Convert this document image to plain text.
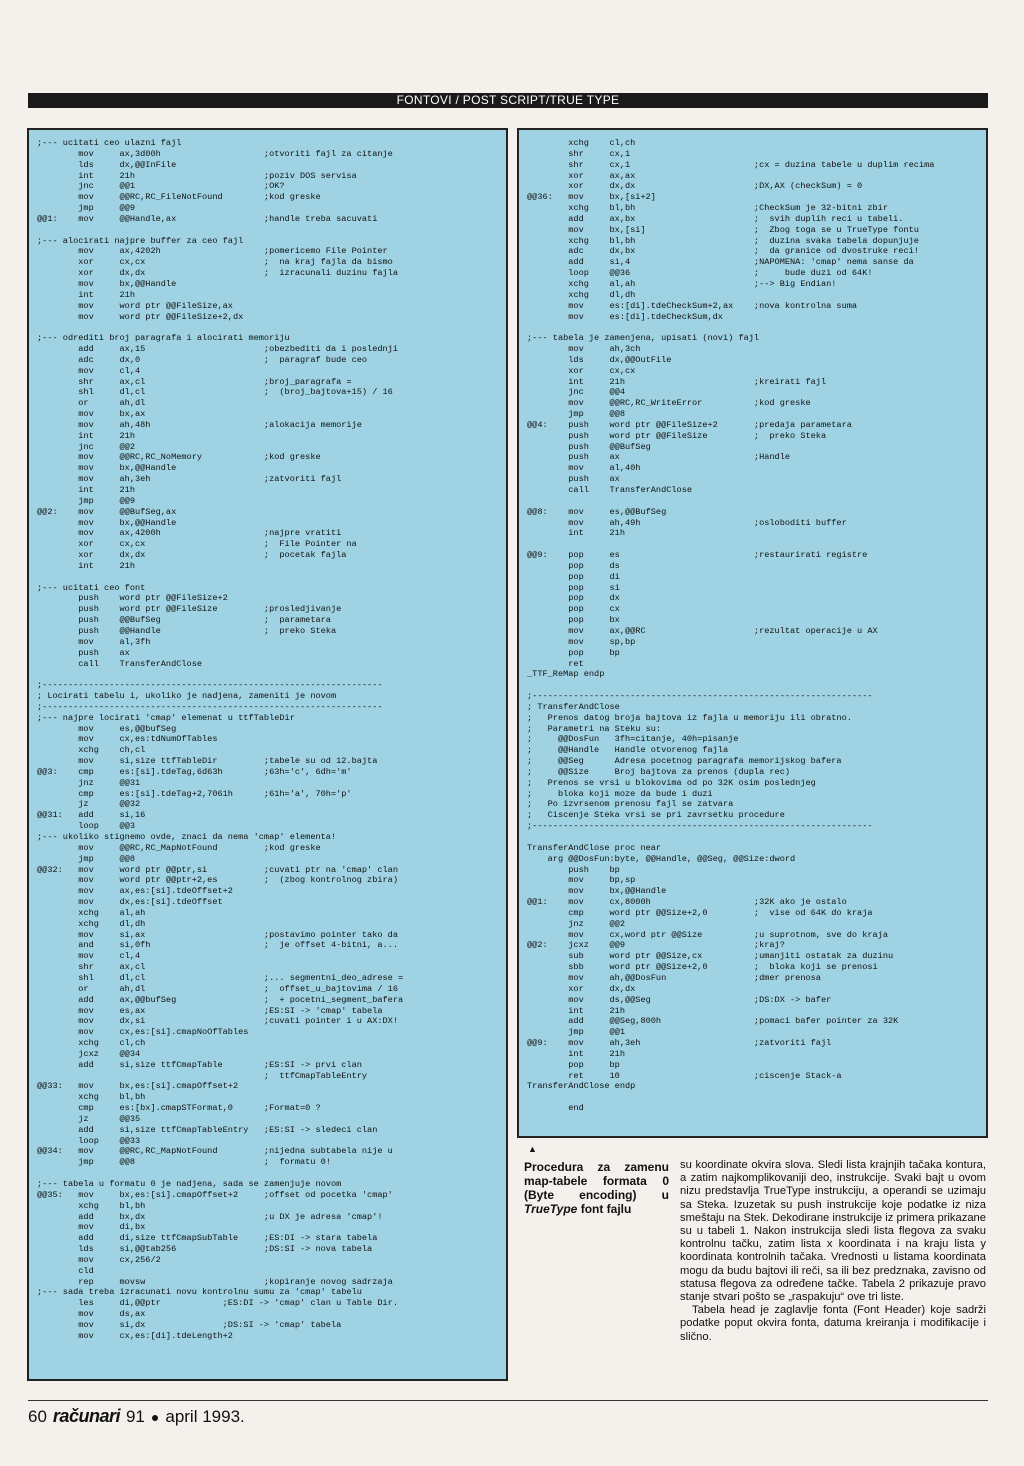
FONTOVI / POST SCRIPT/TRUE TYPE
;--- ucitati ceo ulazni fajl
mov     ax,3d00h                    ;otvoriti fajl za citanje
lds     dx,@@InFile
int     21h                         ;poziv DOS servisa
jnc     @@1                         ;OK?
mov     @@RC,RC_FileNotFound        ;kod greske
jmp     @@9
@@1:    mov     @@Handle,ax                 ;handle treba sacuvati

;--- alocirati najpre buffer za ceo fajl
mov     ax,4202h                    ;pomericemo File Pointer
xor     cx,cx                       ;  na kraj fajla da bismo
xor     dx,dx                       ;  izracunali duzinu fajla
mov     bx,@@Handle
int     21h
mov     word ptr @@FileSize,ax
mov     word ptr @@FileSize+2,dx

;--- odrediti broj paragrafa i alocirati memoriju
add     ax,15                       ;obezbediti da i poslednji
adc     dx,0                        ;  paragraf bude ceo
mov     cl,4
shr     ax,cl                       ;broj_paragrafa =
shl     dl,cl                       ;  (broj_bajtova+15) / 16
or      ah,dl
mov     bx,ax
mov     ah,48h                      ;alokacija memorije
int     21h
jnc     @@2
mov     @@RC,RC_NoMemory            ;kod greske
mov     bx,@@Handle
mov     ah,3eh                      ;zatvoriti fajl
int     21h
jmp     @@9
@@2:    mov     @@BufSeg,ax
mov     bx,@@Handle
mov     ax,4200h                    ;najpre vratiti
xor     cx,cx                       ;  File Pointer na
xor     dx,dx                       ;  pocetak fajla
int     21h

;--- ucitati ceo font
push    word ptr @@FileSize+2
push    word ptr @@FileSize         ;prosledjivanje
push    @@BufSeg                    ;  parametara
push    @@Handle                    ;  preko Steka
mov     al,3fh
push    ax
call    TransferAndClose

;------------------------------------------------------------------
; Locirati tabelu i, ukoliko je nadjena, zameniti je novom
;------------------------------------------------------------------
;--- najpre locirati 'cmap' elemenat u ttfTableDir
mov     es,@@bufSeg
mov     cx,es:tdNumOfTables
xchg    ch,cl
mov     si,size ttfTableDir         ;tabele su od 12.bajta
@@3:    cmp     es:[si].tdeTag,6d63h        ;63h='c', 6dh='m'
jnz     @@31
cmp     es:[si].tdeTag+2,7061h      ;61h='a', 70h='p'
jz      @@32
@@31:   add     si,16
loop    @@3
;--- ukoliko stignemo ovde, znaci da nema 'cmap' elementa!
mov     @@RC,RC_MapNotFound         ;kod greske
jmp     @@8
@@32:   mov     word ptr @@ptr,si           ;cuvati ptr na 'cmap' clan
mov     word ptr @@ptr+2,es         ;  (zbog kontrolnog zbira)
mov     ax,es:[si].tdeOffset+2
mov     dx,es:[si].tdeOffset
xchg    al,ah
xchg    dl,dh
mov     si,ax                       ;postavimo pointer tako da
and     si,0fh                      ;  je offset 4-bitni, a...
mov     cl,4
shr     ax,cl
shl     dl,cl                       ;... segmentni_deo_adrese =
or      ah,dl                       ;  offset_u_bajtovima / 16
add     ax,@@bufSeg                 ;  + pocetni_segment_bafera
mov     es,ax                       ;ES:SI -> 'cmap' tabela
mov     dx,si                       ;cuvati pointer i u AX:DX!
mov     cx,es:[si].cmapNoOfTables
xchg    cl,ch
jcxz    @@34
add     si,size ttfCmapTable        ;ES:SI -> prvi clan
;  ttfCmapTableEntry
@@33:   mov     bx,es:[si].cmapOffset+2
xchg    bl,bh
cmp     es:[bx].cmapSTFormat,0      ;Format=0 ?
jz      @@35
add     si,size ttfCmapTableEntry   ;ES:SI -> sledeci clan
loop    @@33
@@34:   mov     @@RC,RC_MapNotFound         ;nijedna subtabela nije u
jmp     @@8                         ;  formatu 0!

;--- tabela u formatu 0 je nadjena, sada se zamenjuje novom
@@35:   mov     bx,es:[si].cmapOffset+2     ;offset od pocetka 'cmap'
xchg    bl,bh
add     bx,dx                       ;u DX je adresa 'cmap'!
mov     di,bx
add     di,size ttfCmapSubTable     ;ES:DI -> stara tabela
lds     si,@@tab256                 ;DS:SI -> nova tabela
mov     cx,256/2
cld
rep     movsw                       ;kopiranje novog sadrzaja
;--- sada treba izracunati novu kontrolnu sumu za 'cmap' tabelu
les     di,@@ptr            ;ES:DI -> 'cmap' clan u Table Dir.
mov     ds,ax
mov     si,dx               ;DS:SI -> 'cmap' tabela
mov     cx,es:[di].tdeLength+2
xchg    cl,ch
shr     cx,1
shr     cx,1                        ;cx = duzina tabele u duplim recima
xor     ax,ax
xor     dx,dx                       ;DX,AX (checkSum) = 0
@@36:   mov     bx,[si+2]
xchg    bl,bh                       ;CheckSum je 32-bitni zbir
add     ax,bx                       ;  svih duplih reci u tabeli.
mov     bx,[si]                     ;  Zbog toga se u TrueType fontu
xchg    bl,bh                       ;  duzina svaka tabela dopunjuje
adc     dx,bx                       ;  da granice od dvostruke reci!
add     si,4                        ;NAPOMENA: 'cmap' nema sanse da
loop    @@36                        ;     bude duzi od 64K!
xchg    al,ah                       ;--> Big Endian!
xchg    dl,dh
mov     es:[di].tdeCheckSum+2,ax    ;nova kontrolna suma
mov     es:[di].tdeCheckSum,dx

;--- tabela je zamenjena, upisati (novi) fajl
mov     ah,3ch
lds     dx,@@OutFile
xor     cx,cx
int     21h                         ;kreirati fajl
jnc     @@4
mov     @@RC,RC_WriteError          ;kod greske
jmp     @@8
@@4:    push    word ptr @@FileSize+2       ;predaja parametara
push    word ptr @@FileSize         ;  preko Steka
push    @@BufSeg
push    ax                          ;Handle
mov     al,40h
push    ax
call    TransferAndClose

@@8:    mov     es,@@BufSeg
mov     ah,49h                      ;osloboditi buffer
int     21h

@@9:    pop     es                          ;restaurirati registre
pop     ds
pop     di
pop     si
pop     dx
pop     cx
pop     bx
mov     ax,@@RC                     ;rezultat operacije u AX
mov     sp,bp
pop     bp
ret
_TTF_ReMap endp

;------------------------------------------------------------------
; TransferAndClose
;   Prenos datog broja bajtova iz fajla u memoriju ili obratno.
;   Parametri na Steku su:
;     @@DosFun   3fh=citanje, 40h=pisanje
;     @@Handle   Handle otvorenog fajla
;     @@Seg      Adresa pocetnog paragrafa memorijskog bafera
;     @@Size     Broj bajtova za prenos (dupla rec)
;   Prenos se vrsi u blokovima od po 32K osim poslednjeg
;     bloka koji moze da bude i duzi
;   Po izvrsenom prenosu fajl se zatvara
;   Ciscenje Steka vrsi se pri zavrsetku procedure
;------------------------------------------------------------------

TransferAndClose proc near
arg @@DosFun:byte, @@Handle, @@Seg, @@Size:dword
push    bp
mov     bp,sp
mov     bx,@@Handle
@@1:    mov     cx,8000h                    ;32K ako je ostalo
cmp     word ptr @@Size+2,0         ;  vise od 64K do kraja
jnz     @@2
mov     cx,word ptr @@Size          ;u suprotnom, sve do kraja
@@2:    jcxz    @@9                         ;kraj?
sub     word ptr @@Size,cx          ;umanjiti ostatak za duzinu
sbb     word ptr @@Size+2,0         ;  bloka koji se prenosi
mov     ah,@@DosFun                 ;dmer prenosa
xor     dx,dx
mov     ds,@@Seg                    ;DS:DX -> bafer
int     21h
add     @@Seg,800h                  ;pomaci bafer pointer za 32K
jmp     @@1
@@9:    mov     ah,3eh                      ;zatvoriti fajl
int     21h
pop     bp
ret     10                          ;ciscenje Stack-a
TransferAndClose endp

end
▲
Procedura za zamenu map-tabele formata 0 (Byte encoding) u TrueType font fajlu

su koordinate okvira slova. Sledi lista krajnjih tačaka kontura, a zatim najkomplikovaniji deo, instrukcije. Svaki bajt u ovom nizu predstavlja TrueType instrukciju, a operandi se uzimaju sa Steka. Izuzetak su push instrukcije koje podatke iz niza smeštaju na Stek. Dekodirane instrukcije iz primera prikazane su u tabeli 1. Nakon instrukcija sledi lista flegova za svaku kontrolnu tačku, zatim lista x koordinata i na kraju lista y koordinata kontrolnih tačaka. Vrednosti u listama koordinata mogu da budu bajtovi ili reči, sa ili bez predznaka, zavisno od statusa flegova za određene tačke. Tabela 2 prikazuje pravo stanje stvari pošto se „raspakuju“ ove tri liste.

Tabela head je zaglavlje fonta (Font Header) koje sadrži podatke poput okvira fonta, datuma kreiranja i modifikacije i slično.

60 računari 91 ● april 1993.
